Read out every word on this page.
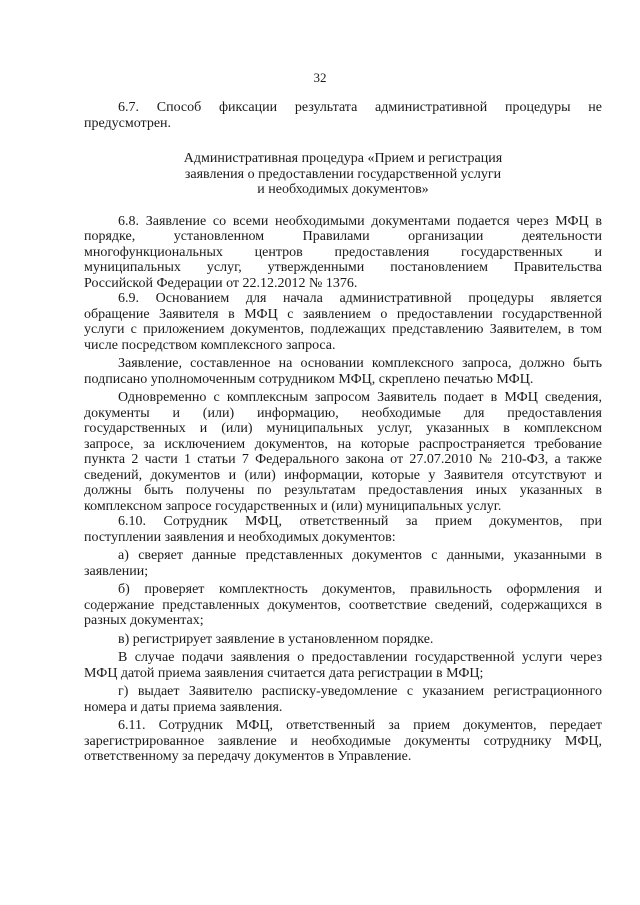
32
6.7. Способ фиксации результата административной процедуры не
предусмотрен.
Административная процедура «Прием и регистрация
заявления о предоставлении государственной услуги
и необходимых документов»
6.8. Заявление со всеми необходимыми документами подается через МФЦ в
порядке, установленном Правилами организации деятельности
многофункциональных центров предоставления государственных и
муниципальных услуг, утвержденными постановлением Правительства
Российской Федерации от 22.12.2012 № 1376.
6.9. Основанием для начала административной процедуры является
обращение Заявителя в МФЦ с заявлением о предоставлении государственной
услуги с приложением документов, подлежащих представлению Заявителем, в том
числе посредством комплексного запроса.
Заявление, составленное на основании комплексного запроса, должно быть
подписано уполномоченным сотрудником МФЦ, скреплено печатью МФЦ.
Одновременно с комплексным запросом Заявитель подает в МФЦ сведения,
документы и (или) информацию, необходимые для предоставления
государственных и (или) муниципальных услуг, указанных в комплексном
запросе, за исключением документов, на которые распространяется требование
пункта 2 части 1 статьи 7 Федерального закона от 27.07.2010 № 210-ФЗ, а также
сведений, документов и (или) информации, которые у Заявителя отсутствуют и
должны быть получены по результатам предоставления иных указанных в
комплексном запросе государственных и (или) муниципальных услуг.
6.10. Сотрудник МФЦ, ответственный за прием документов, при
поступлении заявления и необходимых документов:
а) сверяет данные представленных документов с данными, указанными в
заявлении;
б) проверяет комплектность документов, правильность оформления и
содержание представленных документов, соответствие сведений, содержащихся в
разных документах;
в) регистрирует заявление в установленном порядке.
В случае подачи заявления о предоставлении государственной услуги через
МФЦ датой приема заявления считается дата регистрации в МФЦ;
г) выдает Заявителю расписку-уведомление с указанием регистрационного
номера и даты приема заявления.
6.11. Сотрудник МФЦ, ответственный за прием документов, передает
зарегистрированное заявление и необходимые документы сотруднику МФЦ,
ответственному за передачу документов в Управление.
